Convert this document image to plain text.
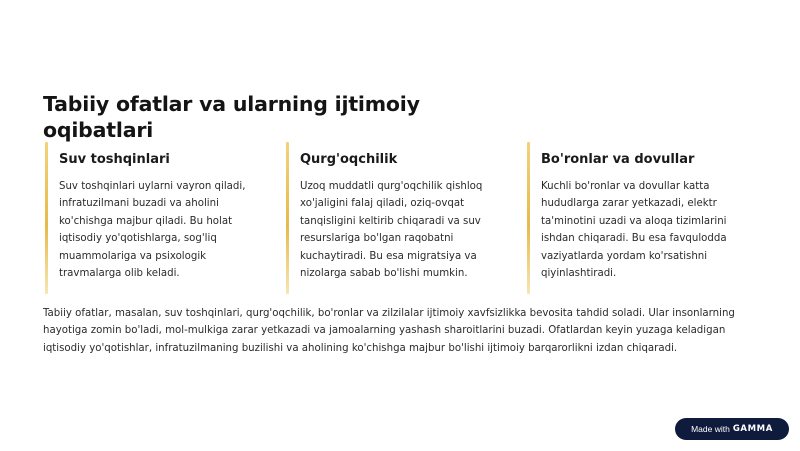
Tabiiy ofatlar va ularning ijtimoiy oqibatlari
Suv toshqinlari

Suv toshqinlari uylarni vayron qiladi, infratuzilmani buzadi va aholini ko'chishga majbur qiladi. Bu holat iqtisodiy yo'qotishlarga, sog'liq muammolariga va psixologik travmalarga olib keladi.

Qurg'oqchilik

Uzoq muddatli qurg'oqchilik qishloq xo'jaligini falaj qiladi, oziq-ovqat tanqisligini keltirib chiqaradi va suv resurslariga bo'lgan raqobatni kuchaytiradi. Bu esa migratsiya va nizolarga sabab bo'lishi mumkin.

Bo'ronlar va dovullar

Kuchli bo'ronlar va dovullar katta hududlarga zarar yetkazadi, elektr ta'minotini uzadi va aloqa tizimlarini ishdan chiqaradi. Bu esa favqulodda vaziyatlarda yordam ko'rsatishni qiyinlashtiradi.

Tabiiy ofatlar, masalan, suv toshqinlari, qurg'oqchilik, bo'ronlar va zilzilalar ijtimoiy xavfsizlikka bevosita tahdid soladi. Ular insonlarning hayotiga zomin bo'ladi, mol-mulkiga zarar yetkazadi va jamoalarning yashash sharoitlarini buzadi. Ofatlardan keyin yuzaga keladigan iqtisodiy yo'qotishlar, infratuzilmaning buzilishi va aholining ko'chishga majbur bo'lishi ijtimoiy barqarorlikni izdan chiqaradi.

Made with GAMMA
